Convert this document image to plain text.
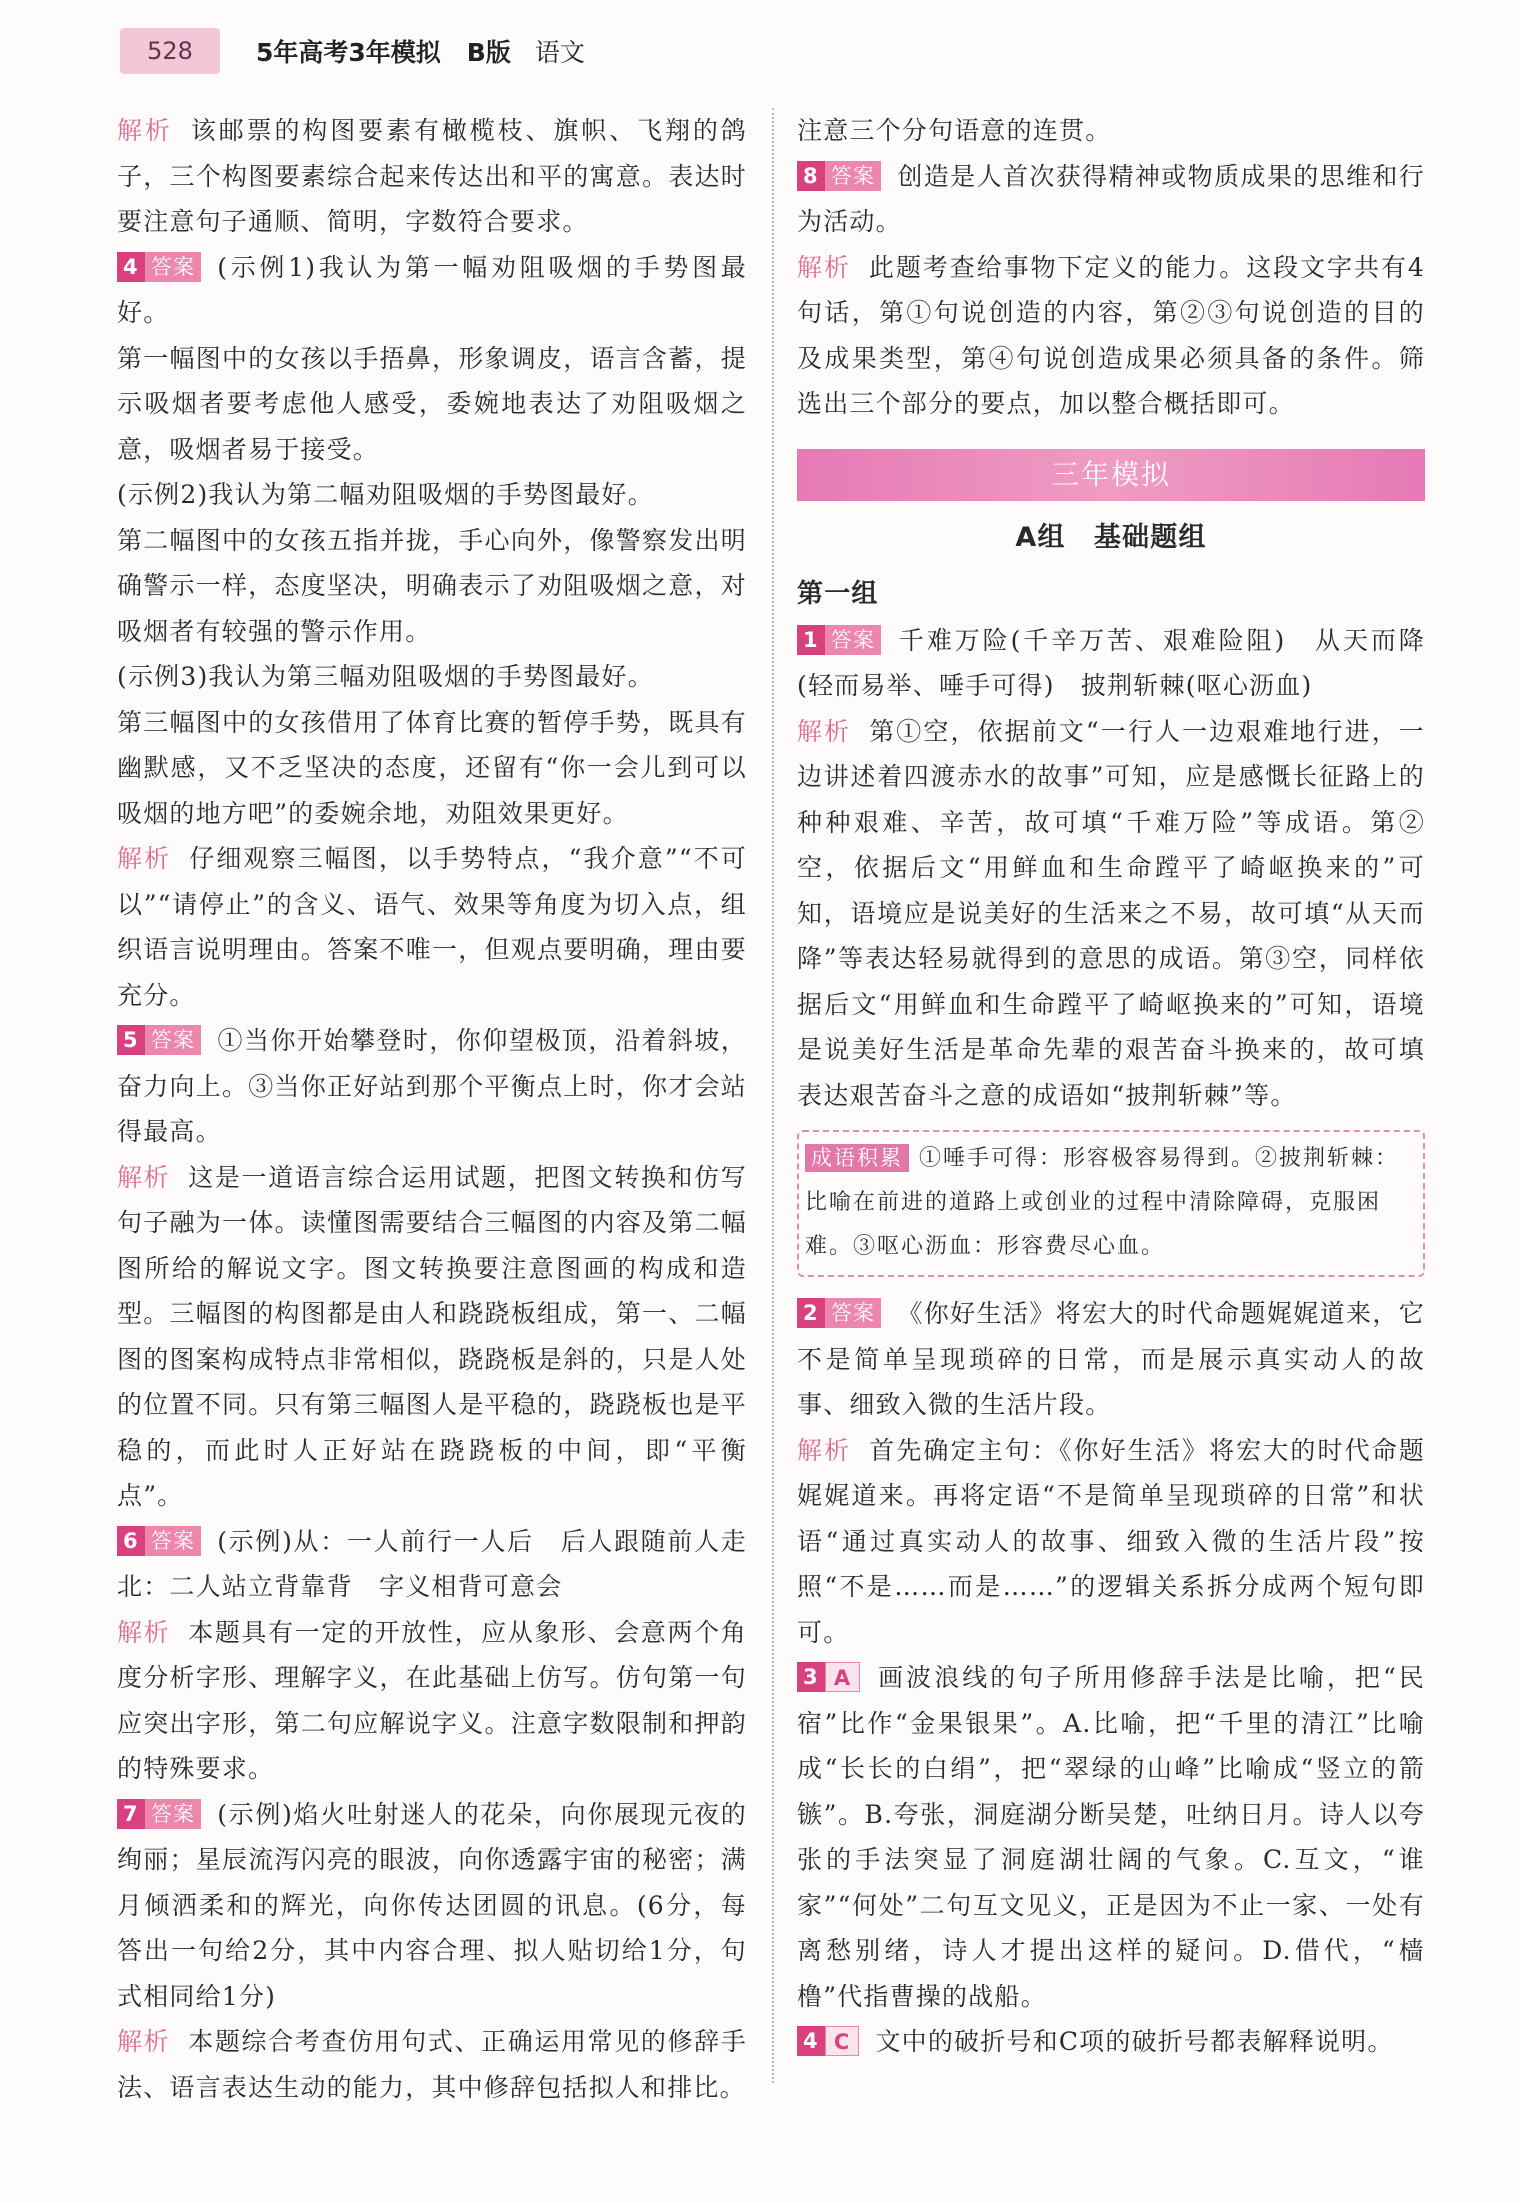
528	5年高考3年模拟 B版 语文

解析 该邮票的构图要素有橄榄枝、旗帜、飞翔的鸽子，三个构图要素综合起来传达出和平的寓意。表达时要注意句子通顺、简明，字数符合要求。

4 答案 (示例1)我认为第一幅劝阻吸烟的手势图最好。

第一幅图中的女孩以手捂鼻，形象调皮，语言含蓄，提示吸烟者要考虑他人感受，委婉地表达了劝阻吸烟之意，吸烟者易于接受。

(示例2)我认为第二幅劝阻吸烟的手势图最好。

第二幅图中的女孩五指并拢，手心向外，像警察发出明确警示一样，态度坚决，明确表示了劝阻吸烟之意，对吸烟者有较强的警示作用。

(示例3)我认为第三幅劝阻吸烟的手势图最好。

第三幅图中的女孩借用了体育比赛的暂停手势，既具有幽默感，又不乏坚决的态度，还留有“你一会儿到可以吸烟的地方吧”的委婉余地，劝阻效果更好。

解析 仔细观察三幅图，以手势特点，“我介意”“不可以”“请停止”的含义、语气、效果等角度为切入点，组织语言说明理由。答案不唯一，但观点要明确，理由要充分。

5 答案 ①当你开始攀登时，你仰望极顶，沿着斜坡，奋力向上。③当你正好站到那个平衡点上时，你才会站得最高。

解析 这是一道语言综合运用试题，把图文转换和仿写句子融为一体。读懂图需要结合三幅图的内容及第二幅图所给的解说文字。图文转换要注意图画的构成和造型。三幅图的构图都是由人和跷跷板组成，第一、二幅图的图案构成特点非常相似，跷跷板是斜的，只是人处的位置不同。只有第三幅图人是平稳的，跷跷板也是平稳的，而此时人正好站在跷跷板的中间，即“平衡点”。

6 答案 (示例)从：一人前行一人后　后人跟随前人走　北：二人站立背靠背　字义相背可意会

解析 本题具有一定的开放性，应从象形、会意两个角度分析字形、理解字义，在此基础上仿写。仿句第一句应突出字形，第二句应解说字义。注意字数限制和押韵的特殊要求。

7 答案 (示例)焰火吐射迷人的花朵，向你展现元夜的绚丽；星辰流泻闪亮的眼波，向你透露宇宙的秘密；满月倾洒柔和的辉光，向你传达团圆的讯息。(6分，每答出一句给2分，其中内容合理、拟人贴切给1分，句式相同给1分)

解析 本题综合考查仿用句式、正确运用常见的修辞手法、语言表达生动的能力，其中修辞包括拟人和排比。

注意三个分句语意的连贯。

8 答案 创造是人首次获得精神或物质成果的思维和行为活动。

解析 此题考查给事物下定义的能力。这段文字共有4句话，第①句说创造的内容，第②③句说创造的目的及成果类型，第④句说创造成果必须具备的条件。筛选出三个部分的要点，加以整合概括即可。

三年模拟
A组　基础题组
第一组

1 答案 千难万险(千辛万苦、艰难险阻)　从天而降(轻而易举、唾手可得)　披荆斩棘(呕心沥血)

解析 第①空，依据前文“一行人一边艰难地行进，一边讲述着四渡赤水的故事”可知，应是感慨长征路上的种种艰难、辛苦，故可填“千难万险”等成语。第②空，依据后文“用鲜血和生命蹚平了崎岖换来的”可知，语境应是说美好的生活来之不易，故可填“从天而降”等表达轻易就得到的意思的成语。第③空，同样依据后文“用鲜血和生命蹚平了崎岖换来的”可知，语境是说美好生活是革命先辈的艰苦奋斗换来的，故可填表达艰苦奋斗之意的成语如“披荆斩棘”等。

成语积累 ①唾手可得：形容极容易得到。②披荆斩棘：比喻在前进的道路上或创业的过程中清除障碍，克服困难。③呕心沥血：形容费尽心血。

2 答案 《你好生活》将宏大的时代命题娓娓道来，它不是简单呈现琐碎的日常，而是展示真实动人的故事、细致入微的生活片段。

解析 首先确定主句：《你好生活》将宏大的时代命题娓娓道来。再将定语“不是简单呈现琐碎的日常”和状语“通过真实动人的故事、细致入微的生活片段”按照“不是……而是……”的逻辑关系拆分成两个短句即可。

3 A	画波浪线的句子所用修辞手法是比喻，把“民宿”比作“金果银果”。A.比喻，把“千里的清江”比喻成“长长的白绢”，把“翠绿的山峰”比喻成“竖立的箭镞”。B.夸张，洞庭湖分断吴楚，吐纳日月。诗人以夸张的手法突显了洞庭湖壮阔的气象。C.互文，“谁家”“何处”二句互文见义，正是因为不止一家、一处有离愁别绪，诗人才提出这样的疑问。D.借代，“樯橹”代指曹操的战船。

4 C	文中的破折号和C项的破折号都表解释说明。
